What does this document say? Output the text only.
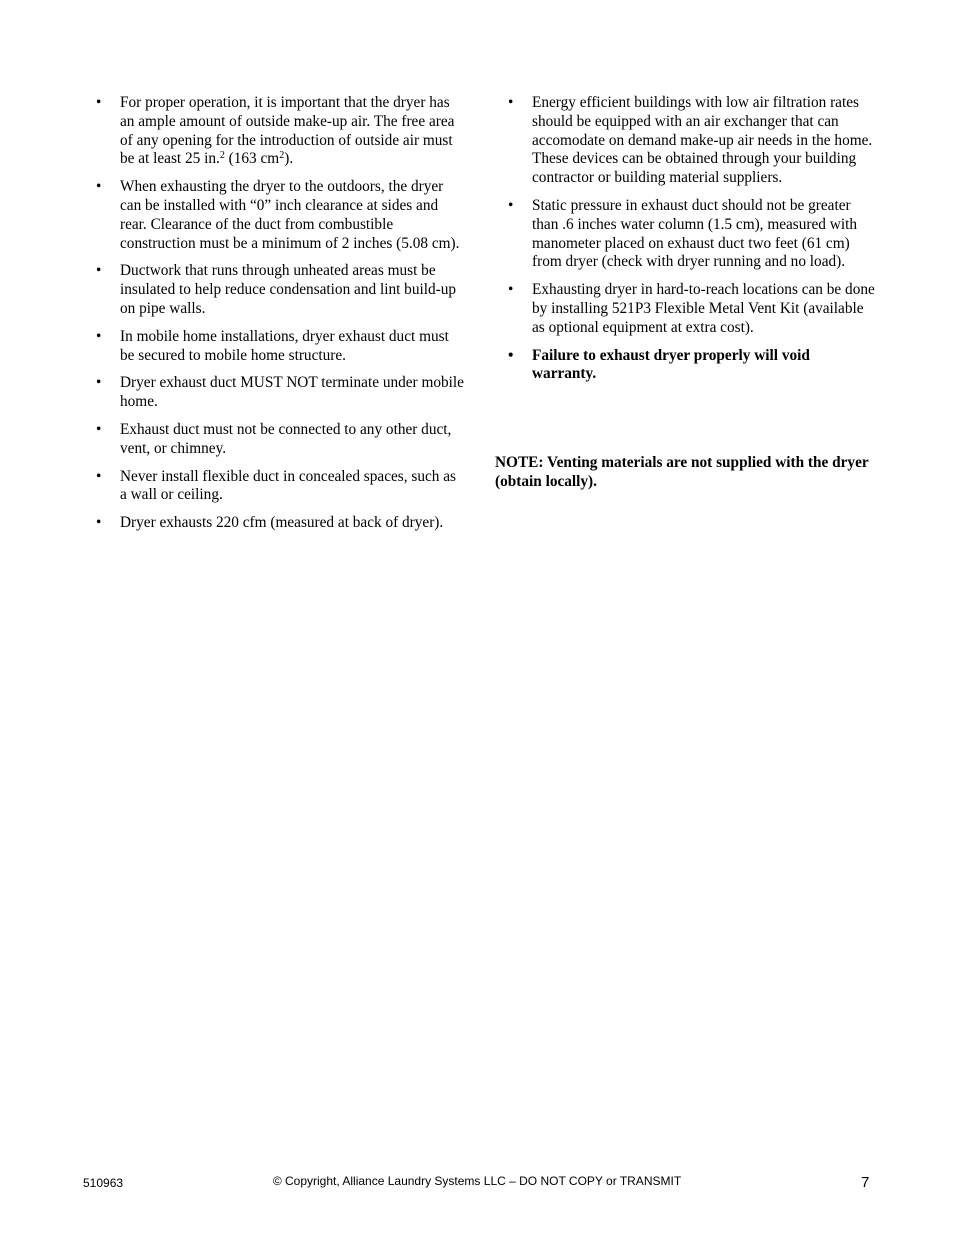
• For proper operation, it is important that the dryer has an ample amount of outside make-up air. The free area of any opening for the introduction of outside air must be at least 25 in.$^2$ (163 $cm^2$).
• When exhausting the dryer to the outdoors, the dryer can be installed with “0” inch clearance at sides and rear. Clearance of the duct from combustible construction must be a minimum of 2 inches (5.08 cm).
• Ductwork that runs through unheated areas must be insulated to help reduce condensation and lint build-up on pipe walls.
• In mobile home installations, dryer exhaust duct must be secured to mobile home structure.
• Dryer exhaust duct MUST NOT terminate under mobile home.
• Exhaust duct must not be connected to any other duct, vent, or chimney.
• Never install flexible duct in concealed spaces, such as a wall or ceiling.
• Dryer exhausts 220 cfm (measured at back of dryer).
• Energy efficient buildings with low air filtration rates should be equipped with an air exchanger that can accomodate on demand make-up air needs in the home. These devices can be obtained through your building contractor or building material suppliers.
• Static pressure in exhaust duct should not be greater than .6 inches water column (1.5 cm), measured with manometer placed on exhaust duct two feet (61 cm) from dryer (check with dryer running and no load).
• Exhausting dryer in hard-to-reach locations can be done by installing 521P3 Flexible Metal Vent Kit (available as optional equipment at extra cost).
• Failure to exhaust dryer properly will void warranty.
NOTE: Venting materials are not supplied with the dryer (obtain locally).
510963	© Copyright, Alliance Laundry Systems LLC – DO NOT COPY or TRANSMIT	7
